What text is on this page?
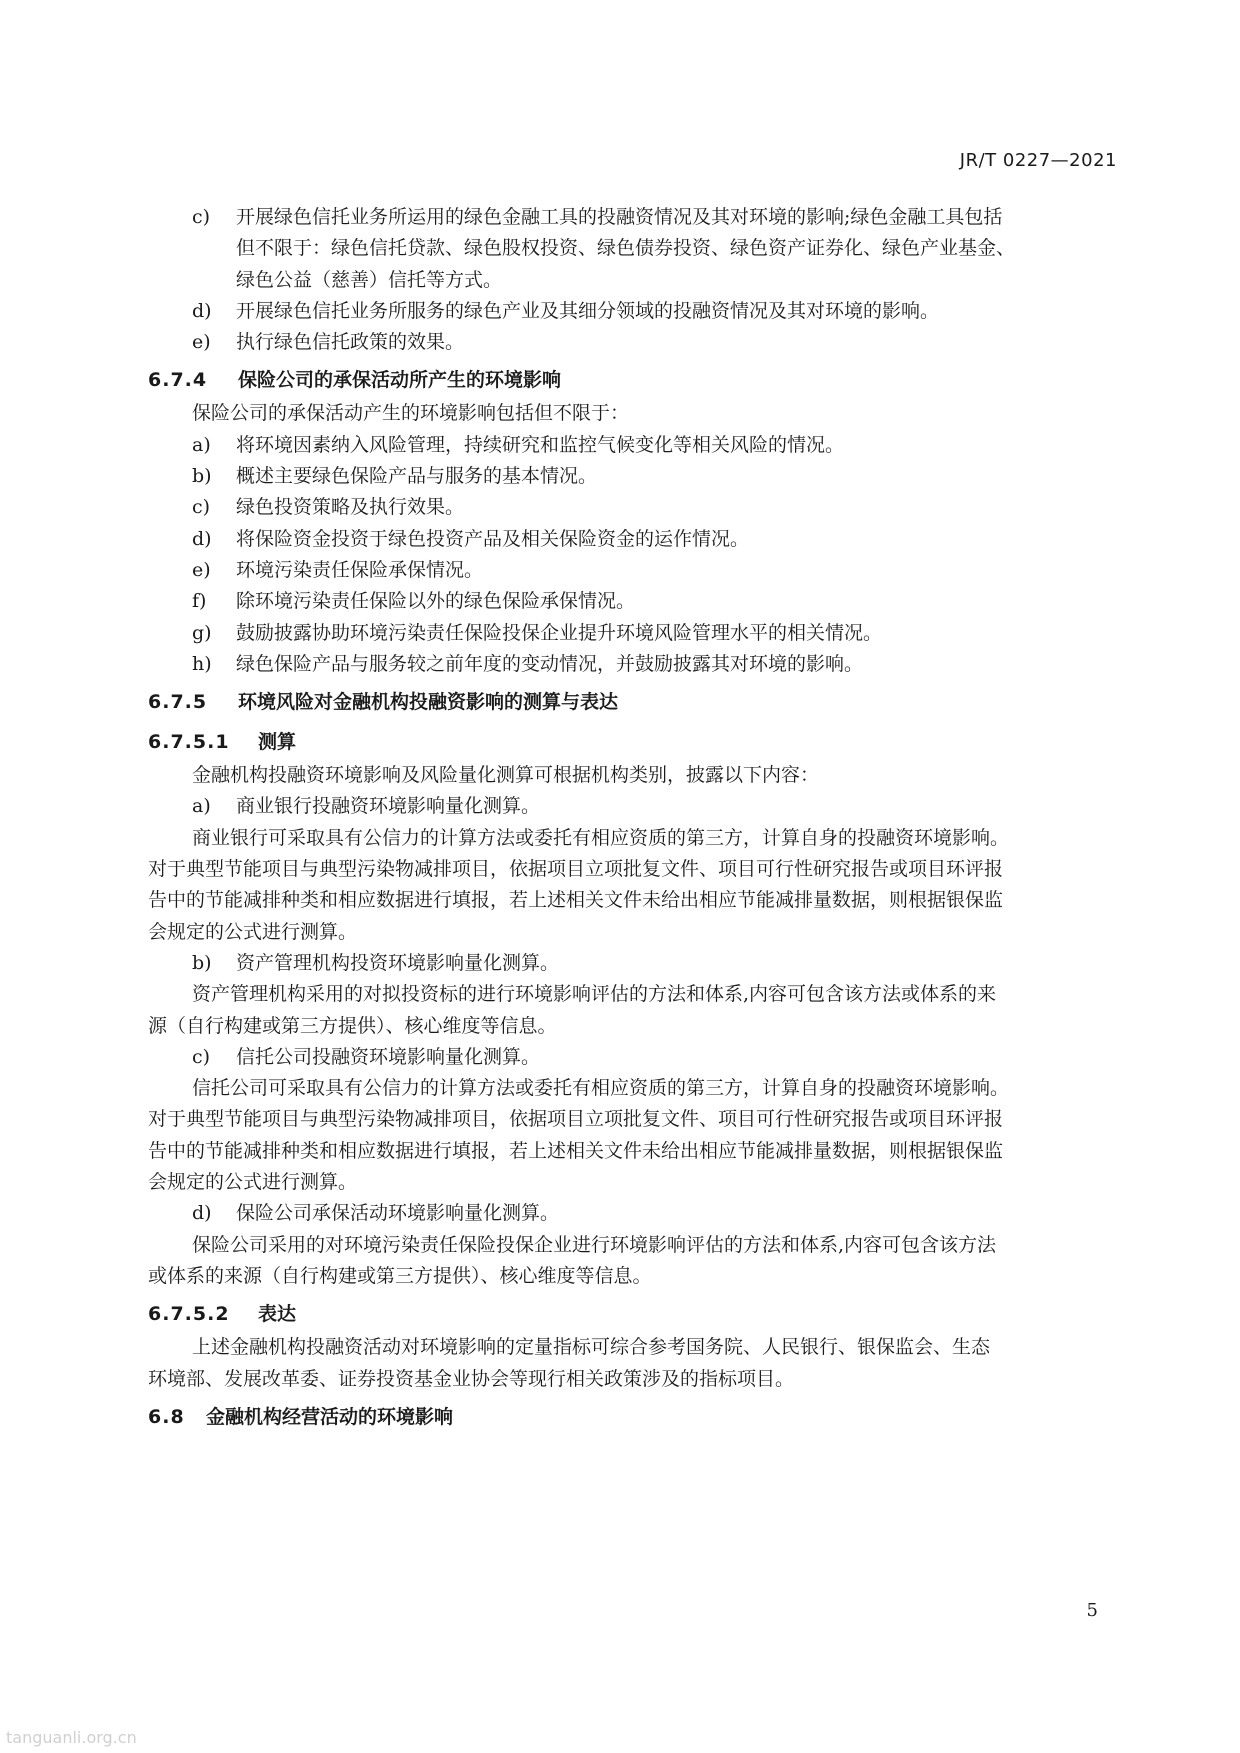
JR/T 0227—2021
c) 开展绿色信托业务所运用的绿色金融工具的投融资情况及其对环境的影响;绿色金融工具包括
但不限于：绿色信托贷款、绿色股权投资、绿色债券投资、绿色资产证券化、绿色产业基金、
绿色公益（慈善）信托等方式。
d) 开展绿色信托业务所服务的绿色产业及其细分领域的投融资情况及其对环境的影响。
e) 执行绿色信托政策的效果。
6.7.4 保险公司的承保活动所产生的环境影响
保险公司的承保活动产生的环境影响包括但不限于：
a) 将环境因素纳入风险管理，持续研究和监控气候变化等相关风险的情况。
b) 概述主要绿色保险产品与服务的基本情况。
c) 绿色投资策略及执行效果。
d) 将保险资金投资于绿色投资产品及相关保险资金的运作情况。
e) 环境污染责任保险承保情况。
f) 除环境污染责任保险以外的绿色保险承保情况。
g) 鼓励披露协助环境污染责任保险投保企业提升环境风险管理水平的相关情况。
h) 绿色保险产品与服务较之前年度的变动情况，并鼓励披露其对环境的影响。
6.7.5 环境风险对金融机构投融资影响的测算与表达
6.7.5.1 测算
金融机构投融资环境影响及风险量化测算可根据机构类别，披露以下内容：
a) 商业银行投融资环境影响量化测算。
商业银行可采取具有公信力的计算方法或委托有相应资质的第三方，计算自身的投融资环境影响。
对于典型节能项目与典型污染物减排项目，依据项目立项批复文件、项目可行性研究报告或项目环评报
告中的节能减排种类和相应数据进行填报，若上述相关文件未给出相应节能减排量数据，则根据银保监
会规定的公式进行测算。
b) 资产管理机构投资环境影响量化测算。
资产管理机构采用的对拟投资标的进行环境影响评估的方法和体系,内容可包含该方法或体系的来
源（自行构建或第三方提供）、核心维度等信息。
c) 信托公司投融资环境影响量化测算。
信托公司可采取具有公信力的计算方法或委托有相应资质的第三方，计算自身的投融资环境影响。
对于典型节能项目与典型污染物减排项目，依据项目立项批复文件、项目可行性研究报告或项目环评报
告中的节能减排种类和相应数据进行填报，若上述相关文件未给出相应节能减排量数据，则根据银保监
会规定的公式进行测算。
d) 保险公司承保活动环境影响量化测算。
保险公司采用的对环境污染责任保险投保企业进行环境影响评估的方法和体系,内容可包含该方法
或体系的来源（自行构建或第三方提供）、核心维度等信息。
6.7.5.2 表达
上述金融机构投融资活动对环境影响的定量指标可综合参考国务院、人民银行、银保监会、生态
环境部、发展改革委、证券投资基金业协会等现行相关政策涉及的指标项目。
6.8 金融机构经营活动的环境影响
5
tanguanli.org.cn
